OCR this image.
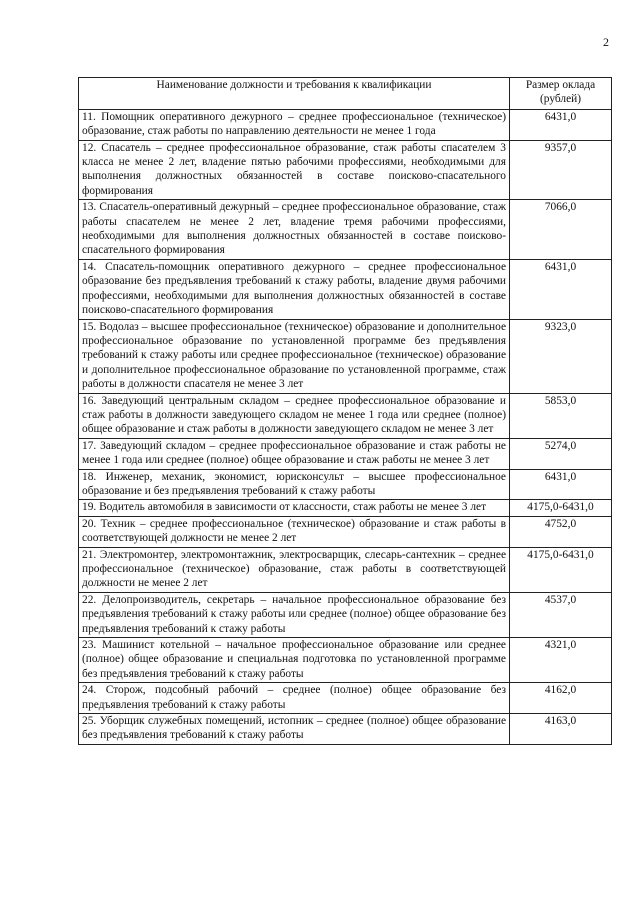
2
Наименование должности и требования к квалификации	Размер оклада (рублей)
11. Помощник оперативного дежурного – среднее профессиональное (техническое) образование, стаж работы по направлению деятельности не менее 1 года	6431,0
12. Спасатель – среднее профессиональное образование, стаж работы спасателем 3 класса не менее 2 лет, владение пятью рабочими профессиями, необходимыми для выполнения должностных обязанностей в составе поисково-спасательного формирования	9357,0
13. Спасатель-оперативный дежурный – среднее профессиональное образование, стаж работы спасателем не менее 2 лет, владение тремя рабочими профессиями, необходимыми для выполнения должностных обязанностей в составе поисково-спасательного формирования	7066,0
14. Спасатель-помощник оперативного дежурного – среднее профессиональное образование без предъявления требований к стажу работы, владение двумя рабочими профессиями, необходимыми для выполнения должностных обязанностей в составе поисково-спасательного формирования	6431,0
15. Водолаз – высшее профессиональное (техническое) образование и дополнительное профессиональное образование по установленной программе без предъявления требований к стажу работы или среднее профессиональное (техническое) образование и дополнительное профессиональное образование по установленной программе, стаж работы в должности спасателя не менее 3 лет	9323,0
16. Заведующий центральным складом – среднее профессиональное образование и стаж работы в должности заведующего складом не менее 1 года или среднее (полное) общее образование и стаж работы в должности заведующего складом не менее 3 лет	5853,0
17. Заведующий складом – среднее профессиональное образование и стаж работы не менее 1 года или среднее (полное) общее образование и стаж работы не менее 3 лет	5274,0
18. Инженер, механик, экономист, юрисконсульт – высшее профессиональное образование и без предъявления требований к стажу работы	6431,0
19. Водитель автомобиля в зависимости от классности, стаж работы не менее 3 лет	4175,0-6431,0
20. Техник – среднее профессиональное (техническое) образование и стаж работы в соответствующей должности не менее 2 лет	4752,0
21. Электромонтер, электромонтажник, электросварщик, слесарь-сантехник – среднее профессиональное (техническое) образование, стаж работы в соответствующей должности не менее 2 лет	4175,0-6431,0
22. Делопроизводитель, секретарь – начальное профессиональное образование без предъявления требований к стажу работы или среднее (полное) общее образование без предъявления требований к стажу работы	4537,0
23. Машинист котельной – начальное профессиональное образование или среднее (полное) общее образование и специальная подготовка по установленной программе без предъявления требований к стажу работы	4321,0
24. Сторож, подсобный рабочий – среднее (полное) общее образование без предъявления требований к стажу работы	4162,0
25. Уборщик служебных помещений, истопник – среднее (полное) общее образование без предъявления требований к стажу работы	4163,0
